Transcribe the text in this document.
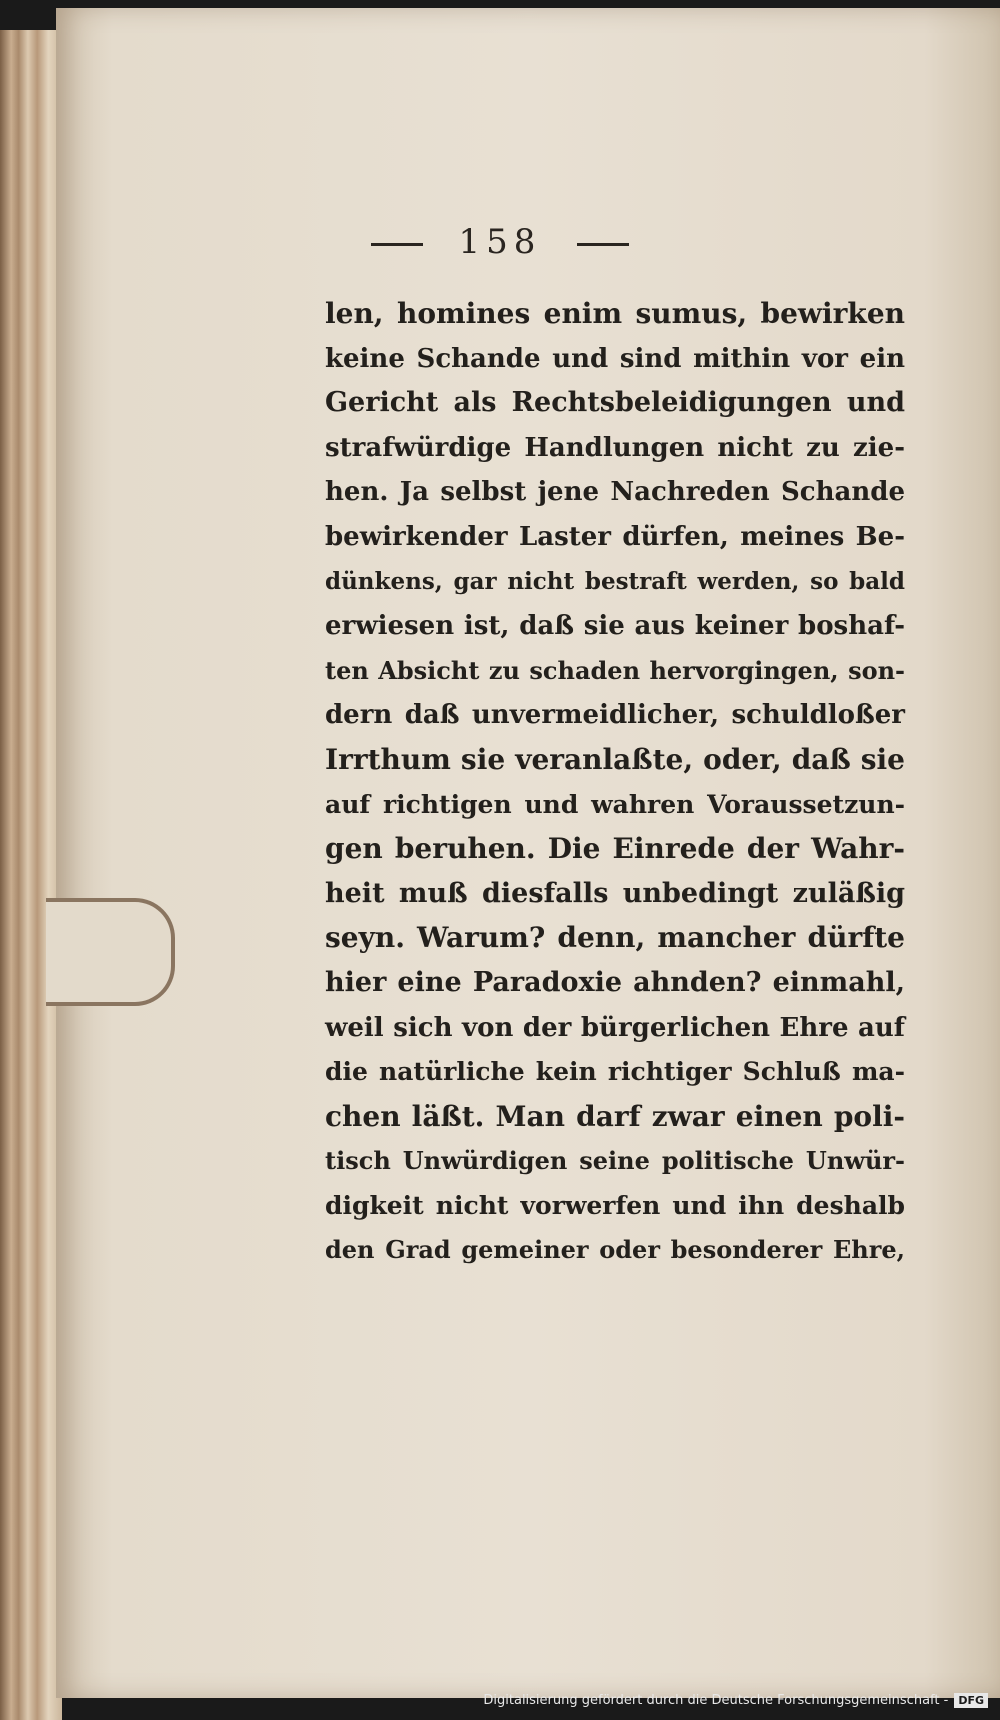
158
len, homines enim sumus, bewirken
keine Schande und sind mithin vor ein
Gericht als Rechtsbeleidigungen und
strafwürdige Handlungen nicht zu zie-
hen. Ja selbst jene Nachreden Schande
bewirkender Laster dürfen, meines Be-
dünkens, gar nicht bestraft werden, so bald
erwiesen ist, daß sie aus keiner boshaf-
ten Absicht zu schaden hervorgingen, son-
dern daß unvermeidlicher, schuldloßer
Irrthum sie veranlaßte, oder, daß sie
auf richtigen und wahren Voraussetzun-
gen beruhen. Die Einrede der Wahr-
heit muß diesfalls unbedingt zuläßig
seyn. Warum? denn, mancher dürfte
hier eine Paradoxie ahnden? einmahl,
weil sich von der bürgerlichen Ehre auf
die natürliche kein richtiger Schluß ma-
chen läßt. Man darf zwar einen poli-
tisch Unwürdigen seine politische Unwür-
digkeit nicht vorwerfen und ihn deshalb
den Grad gemeiner oder besonderer Ehre,
Digitalisierung gefördert durch die Deutsche Forschungsgemeinschaft - DFG
